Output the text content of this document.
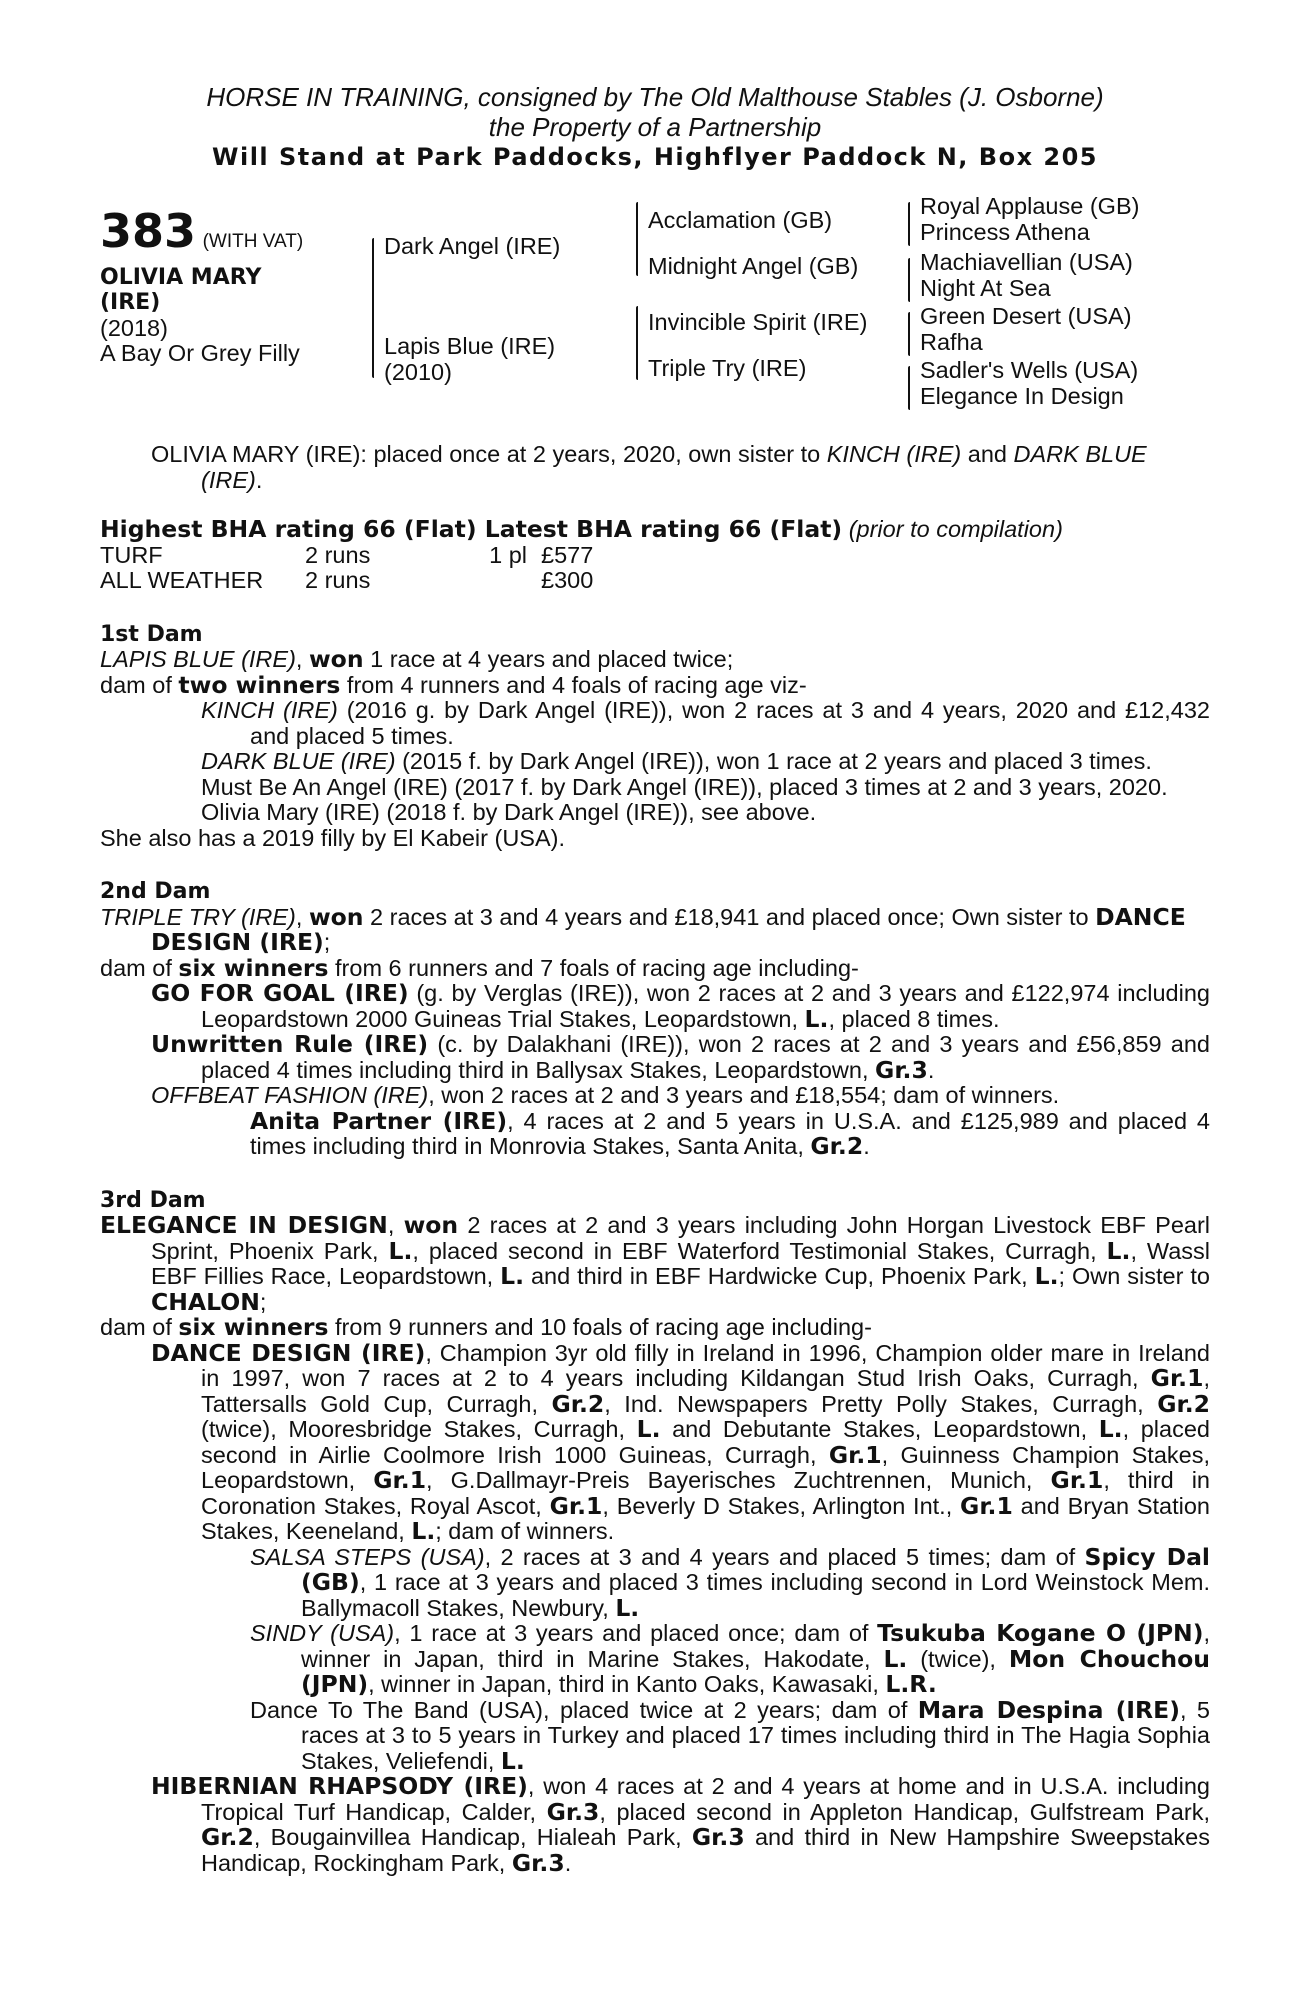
HORSE IN TRAINING, consigned by The Old Malthouse Stables (J. Osborne)
the Property of a Partnership
Will Stand at Park Paddocks, Highflyer Paddock N, Box 205
383 (WITH VAT)
OLIVIA MARY
(IRE)
(2018)
A Bay Or Grey Filly
Dark Angel (IRE)
Lapis Blue (IRE)
(2010)
Acclamation (GB)
Midnight Angel (GB)
Invincible Spirit (IRE)
Triple Try (IRE)
Royal Applause (GB)
Princess Athena
Machiavellian (USA)
Night At Sea
Green Desert (USA)
Rafha
Sadler's Wells (USA)
Elegance In Design

OLIVIA MARY (IRE): placed once at 2 years, 2020, own sister to KINCH (IRE) and DARK BLUE (IRE).

Highest BHA rating 66 (Flat) Latest BHA rating 66 (Flat) (prior to compilation)

TURF	2 runs	1 pl £577
ALL WEATHER	2 runs	£300

1st Dam

LAPIS BLUE (IRE), won 1 race at 4 years and placed twice;

dam of two winners from 4 runners and 4 foals of racing age viz-

KINCH (IRE) (2016 g. by Dark Angel (IRE)), won 2 races at 3 and 4 years, 2020 and £12,432 and placed 5 times.

DARK BLUE (IRE) (2015 f. by Dark Angel (IRE)), won 1 race at 2 years and placed 3 times.

Must Be An Angel (IRE) (2017 f. by Dark Angel (IRE)), placed 3 times at 2 and 3 years, 2020.

Olivia Mary (IRE) (2018 f. by Dark Angel (IRE)), see above.

She also has a 2019 filly by El Kabeir (USA).

2nd Dam

TRIPLE TRY (IRE), won 2 races at 3 and 4 years and £18,941 and placed once; Own sister to DANCE DESIGN (IRE);

dam of six winners from 6 runners and 7 foals of racing age including-

GO FOR GOAL (IRE) (g. by Verglas (IRE)), won 2 races at 2 and 3 years and £122,974 including Leopardstown 2000 Guineas Trial Stakes, Leopardstown, L., placed 8 times.

Unwritten Rule (IRE) (c. by Dalakhani (IRE)), won 2 races at 2 and 3 years and £56,859 and placed 4 times including third in Ballysax Stakes, Leopardstown, Gr.3.

OFFBEAT FASHION (IRE), won 2 races at 2 and 3 years and £18,554; dam of winners.

Anita Partner (IRE), 4 races at 2 and 5 years in U.S.A. and £125,989 and placed 4 times including third in Monrovia Stakes, Santa Anita, Gr.2.

3rd Dam

ELEGANCE IN DESIGN, won 2 races at 2 and 3 years including John Horgan Livestock EBF Pearl Sprint, Phoenix Park, L., placed second in EBF Waterford Testimonial Stakes, Curragh, L., Wassl EBF Fillies Race, Leopardstown, L. and third in EBF Hardwicke Cup, Phoenix Park, L.; Own sister to CHALON;

dam of six winners from 9 runners and 10 foals of racing age including-

DANCE DESIGN (IRE), Champion 3yr old filly in Ireland in 1996, Champion older mare in Ireland in 1997, won 7 races at 2 to 4 years including Kildangan Stud Irish Oaks, Curragh, Gr.1, Tattersalls Gold Cup, Curragh, Gr.2, Ind. Newspapers Pretty Polly Stakes, Curragh, Gr.2 (twice), Mooresbridge Stakes, Curragh, L. and Debutante Stakes, Leopardstown, L., placed second in Airlie Coolmore Irish 1000 Guineas, Curragh, Gr.1, Guinness Champion Stakes, Leopardstown, Gr.1, G.Dallmayr-Preis Bayerisches Zuchtrennen, Munich, Gr.1, third in Coronation Stakes, Royal Ascot, Gr.1, Beverly D Stakes, Arlington Int., Gr.1 and Bryan Station Stakes, Keeneland, L.; dam of winners.

SALSA STEPS (USA), 2 races at 3 and 4 years and placed 5 times; dam of Spicy Dal (GB), 1 race at 3 years and placed 3 times including second in Lord Weinstock Mem. Ballymacoll Stakes, Newbury, L.

SINDY (USA), 1 race at 3 years and placed once; dam of Tsukuba Kogane O (JPN), winner in Japan, third in Marine Stakes, Hakodate, L. (twice), Mon Chouchou (JPN), winner in Japan, third in Kanto Oaks, Kawasaki, L.R.

Dance To The Band (USA), placed twice at 2 years; dam of Mara Despina (IRE), 5 races at 3 to 5 years in Turkey and placed 17 times including third in The Hagia Sophia Stakes, Veliefendi, L.

HIBERNIAN RHAPSODY (IRE), won 4 races at 2 and 4 years at home and in U.S.A. including Tropical Turf Handicap, Calder, Gr.3, placed second in Appleton Handicap, Gulfstream Park, Gr.2, Bougainvillea Handicap, Hialeah Park, Gr.3 and third in New Hampshire Sweepstakes Handicap, Rockingham Park, Gr.3.
